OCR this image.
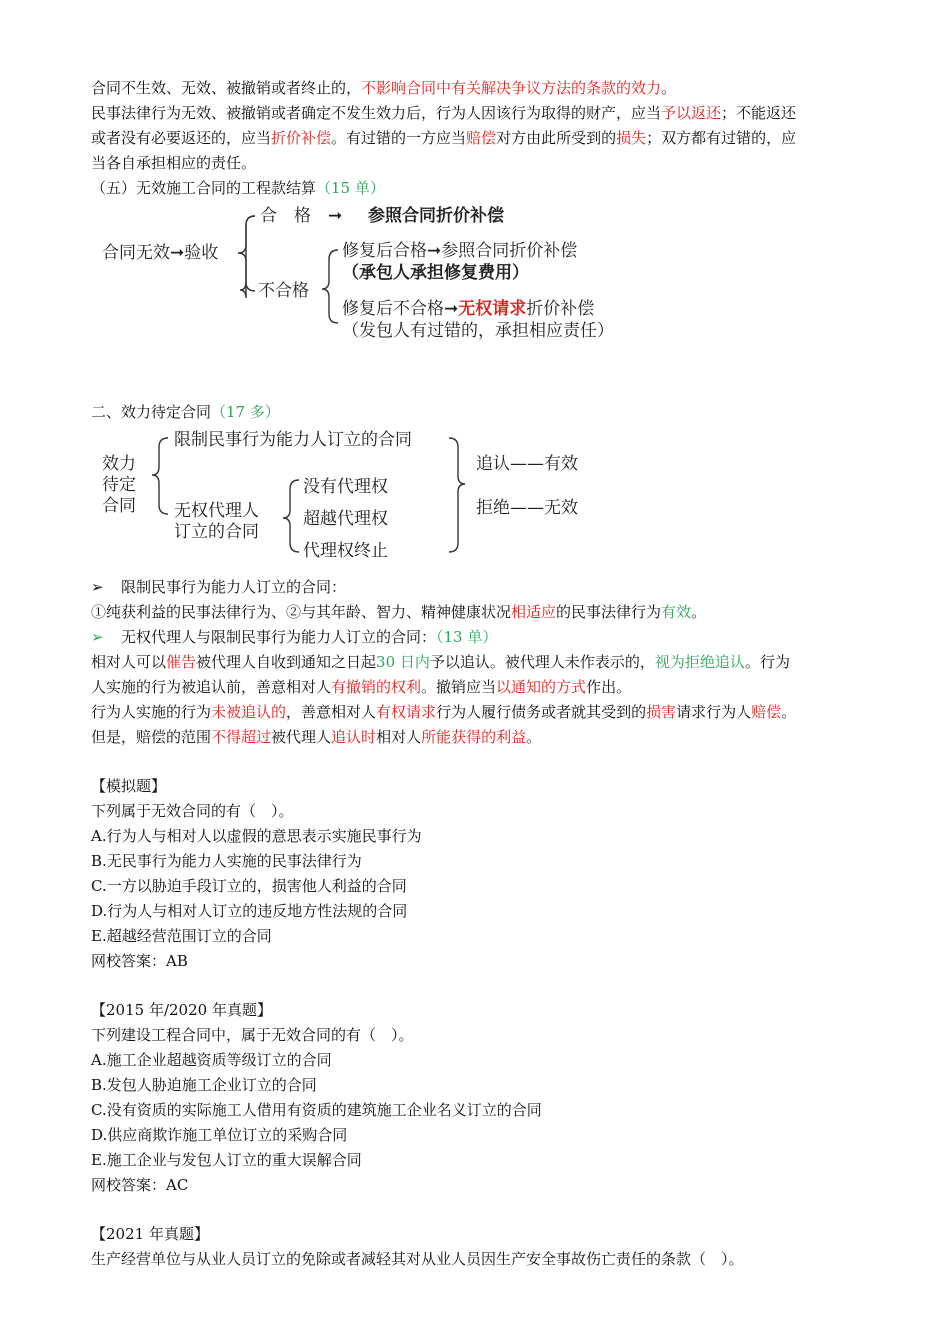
合同不生效、无效、被撤销或者终止的，不影响合同中有关解决争议方法的条款的效力。
民事法律行为无效、被撤销或者确定不发生效力后，行为人因该行为取得的财产，应当予以返还；不能返还
或者没有必要返还的，应当折价补偿。有过错的一方应当赔偿对方由此所受到的损失；双方都有过错的，应
当各自承担相应的责任。
（五）无效施工合同的工程款结算（15 单）
合同无效➞验收
合　格　➞ 参照合同折价补偿
不合格
修复后合格➞参照合同折价补偿
（承包人承担修复费用）
修复后不合格➞无权请求折价补偿
（发包人有过错的，承担相应责任）
二、效力待定合同（17 多）
效力
待定
合同
限制民事行为能力人订立的合同
无权代理人
订立的合同
没有代理权
超越代理权
代理权终止
追认——有效
拒绝——无效
➢ 限制民事行为能力人订立的合同：
①纯获利益的民事法律行为、②与其年龄、智力、精神健康状况相适应的民事法律行为有效。
➢ 无权代理人与限制民事行为能力人订立的合同：（13 单）
相对人可以催告被代理人自收到通知之日起30 日内予以追认。被代理人未作表示的，视为拒绝追认。行为
人实施的行为被追认前，善意相对人有撤销的权利。撤销应当以通知的方式作出。
行为人实施的行为未被追认的，善意相对人有权请求行为人履行债务或者就其受到的损害请求行为人赔偿。
但是，赔偿的范围不得超过被代理人追认时相对人所能获得的利益。
【模拟题】
下列属于无效合同的有（　）。
A.行为人与相对人以虚假的意思表示实施民事行为
B.无民事行为能力人实施的民事法律行为
C.一方以胁迫手段订立的，损害他人利益的合同
D.行为人与相对人订立的违反地方性法规的合同
E.超越经营范围订立的合同
网校答案：AB
【2015 年/2020 年真题】
下列建设工程合同中，属于无效合同的有（　）。
A.施工企业超越资质等级订立的合同
B.发包人胁迫施工企业订立的合同
C.没有资质的实际施工人借用有资质的建筑施工企业名义订立的合同
D.供应商欺诈施工单位订立的采购合同
E.施工企业与发包人订立的重大误解合同
网校答案：AC
【2021 年真题】
生产经营单位与从业人员订立的免除或者减轻其对从业人员因生产安全事故伤亡责任的条款（　）。
